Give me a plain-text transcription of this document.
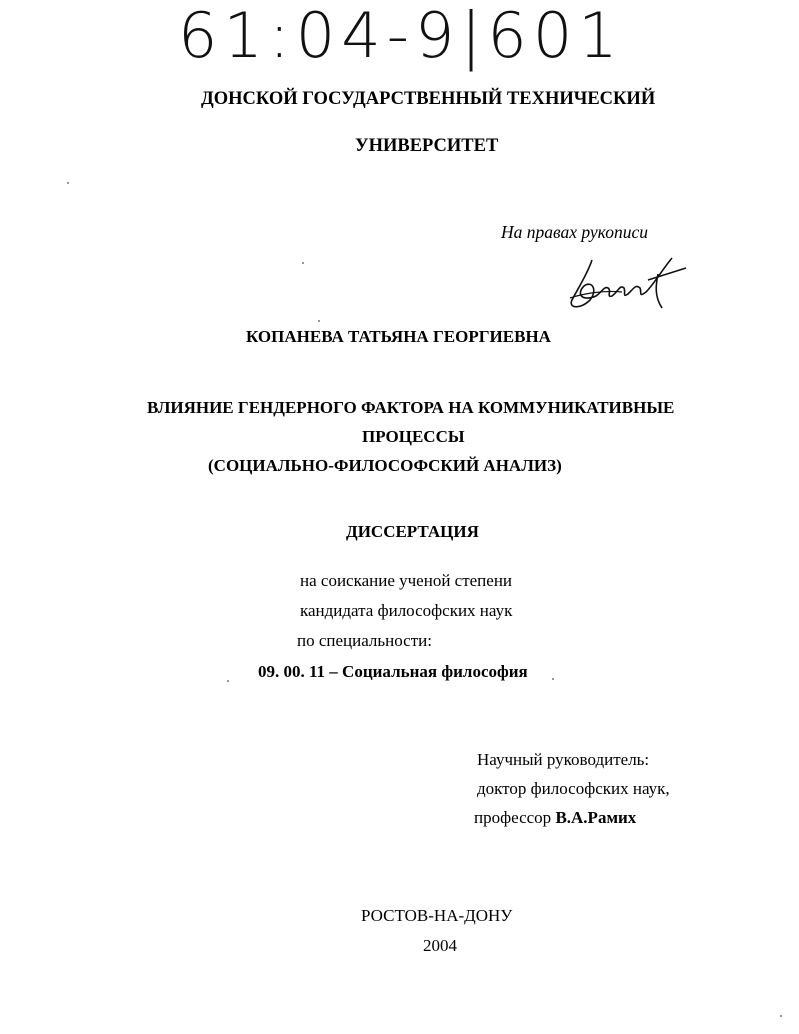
61:04-9|601
ДОНСКОЙ ГОСУДАРСТВЕННЫЙ ТЕХНИЧЕСКИЙ
УНИВЕРСИТЕТ
На правах рукописи
КОПАНЕВА ТАТЬЯНА ГЕОРГИЕВНА
ВЛИЯНИЕ ГЕНДЕРНОГО ФАКТОРА НА КОММУНИКАТИВНЫЕ
ПРОЦЕССЫ
(СОЦИАЛЬНО-ФИЛОСОФСКИЙ АНАЛИЗ)
ДИССЕРТАЦИЯ
на соискание ученой степени
кандидата философских наук
по специальности:
09. 00. 11 – Социальная философия
Научный руководитель:
доктор философских наук,
профессор В.А.Рамих
РОСТОВ-НА-ДОНУ
2004
